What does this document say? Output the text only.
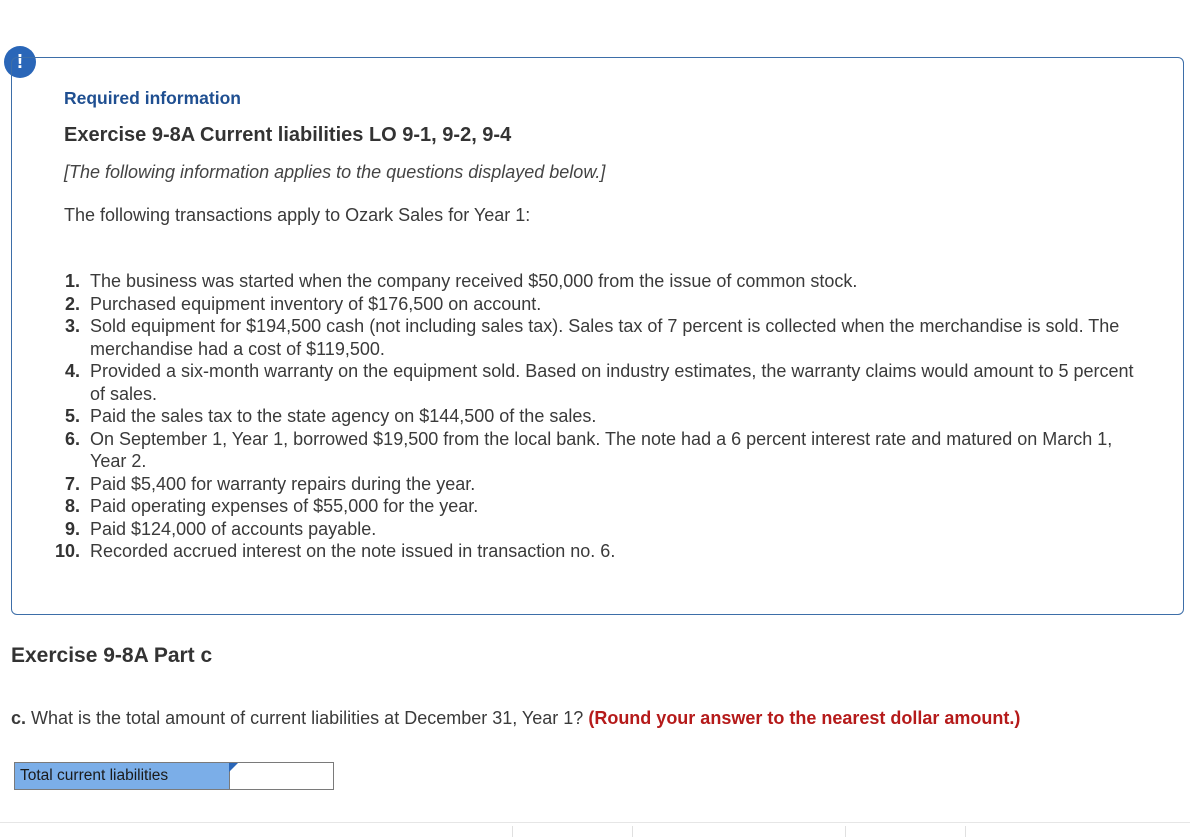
!
Required information
Exercise 9-8A Current liabilities LO 9-1, 9-2, 9-4
[The following information applies to the questions displayed below.]
The following transactions apply to Ozark Sales for Year 1:
1. The business was started when the company received $50,000 from the issue of common stock.
2. Purchased equipment inventory of $176,500 on account.
3. Sold equipment for $194,500 cash (not including sales tax). Sales tax of 7 percent is collected when the merchandise is sold. The merchandise had a cost of $119,500.
4. Provided a six-month warranty on the equipment sold. Based on industry estimates, the warranty claims would amount to 5 percent of sales.
5. Paid the sales tax to the state agency on $144,500 of the sales.
6. On September 1, Year 1, borrowed $19,500 from the local bank. The note had a 6 percent interest rate and matured on March 1, Year 2.
7. Paid $5,400 for warranty repairs during the year.
8. Paid operating expenses of $55,000 for the year.
9. Paid $124,000 of accounts payable.
10. Recorded accrued interest on the note issued in transaction no. 6.
Exercise 9-8A Part c
c. What is the total amount of current liabilities at December 31, Year 1? (Round your answer to the nearest dollar amount.)
Total current liabilities
